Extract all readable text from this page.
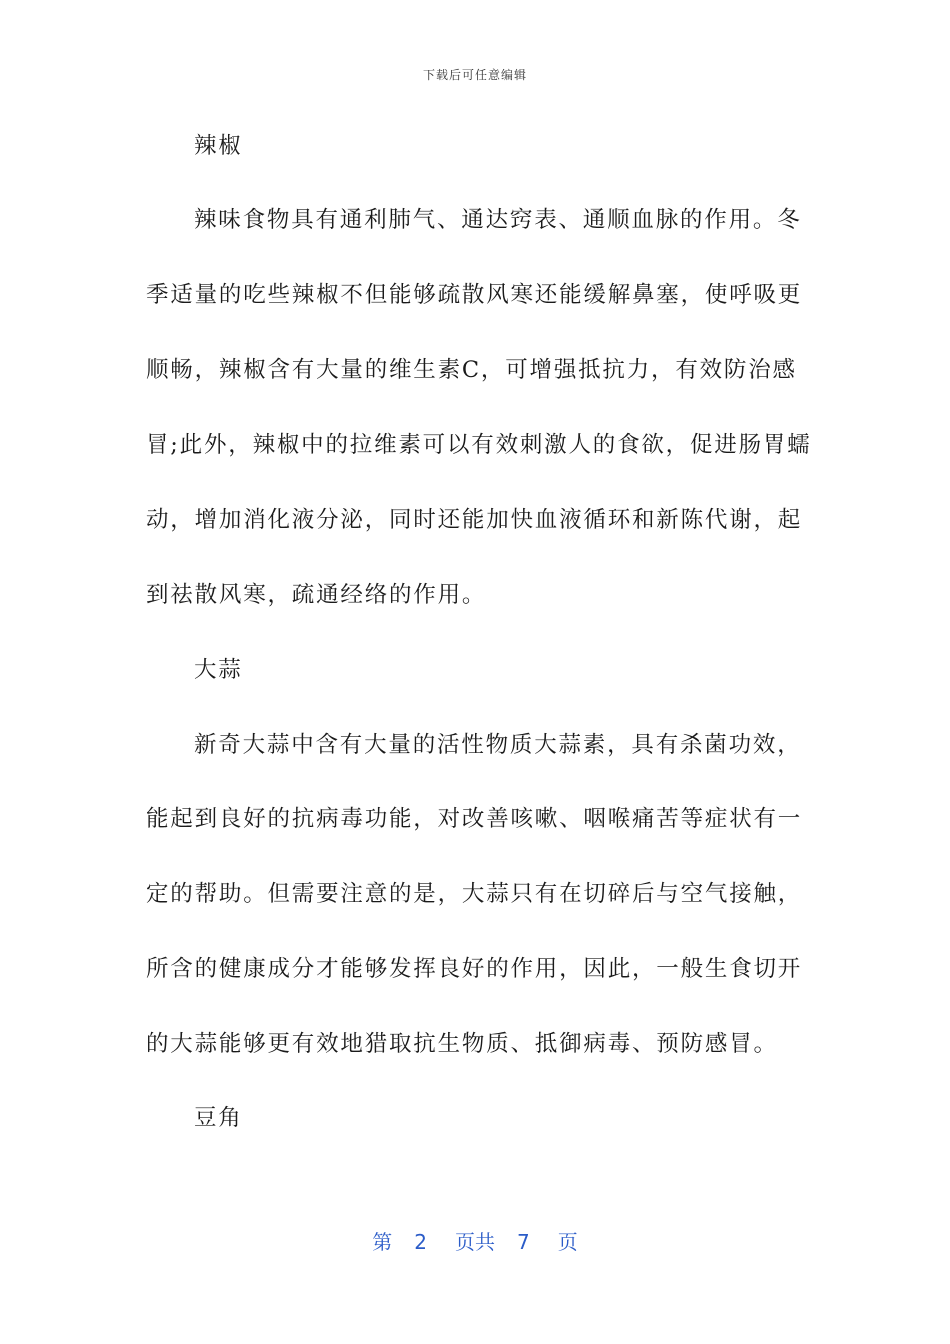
下载后可任意编辑
辣椒
辣味食物具有通利肺气、通达窍表、通顺血脉的作用。冬
季适量的吃些辣椒不但能够疏散风寒还能缓解鼻塞，使呼吸更
顺畅，辣椒含有大量的维生素C，可增强抵抗力，有效防治感
冒;此外，辣椒中的拉维素可以有效刺激人的食欲，促进肠胃蠕
动，增加消化液分泌，同时还能加快血液循环和新陈代谢，起
到祛散风寒，疏通经络的作用。
大蒜
新奇大蒜中含有大量的活性物质大蒜素，具有杀菌功效，
能起到良好的抗病毒功能，对改善咳嗽、咽喉痛苦等症状有一
定的帮助。但需要注意的是，大蒜只有在切碎后与空气接触，
所含的健康成分才能够发挥良好的作用，因此，一般生食切开
的大蒜能够更有效地猎取抗生物质、抵御病毒、预防感冒。
豆角
第 2 页共 7 页
